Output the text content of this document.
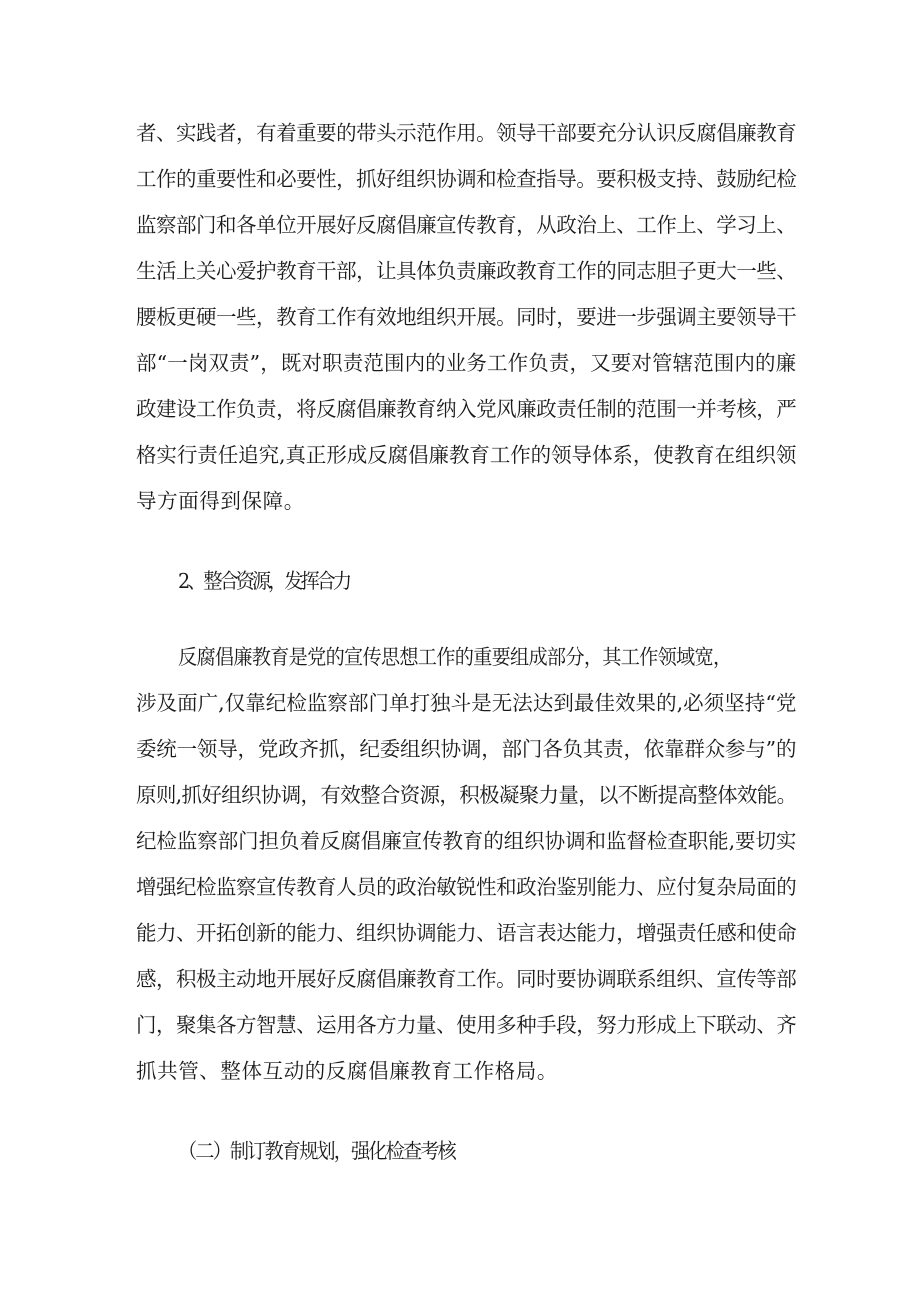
者、实践者，有着重要的带头示范作用。领导干部要充分认识反腐倡廉教育
工作的重要性和必要性，抓好组织协调和检查指导。要积极支持、鼓励纪检
监察部门和各单位开展好反腐倡廉宣传教育，从政治上、工作上、学习上、
生活上关心爱护教育干部，让具体负责廉政教育工作的同志胆子更大一些、
腰板更硬一些，教育工作有效地组织开展。同时，要进一步强调主要领导干
部“一岗双责”，既对职责范围内的业务工作负责，又要对管辖范围内的廉
政建设工作负责，将反腐倡廉教育纳入党风廉政责任制的范围一并考核，严
格实行责任追究,真正形成反腐倡廉教育工作的领导体系，使教育在组织领
导方面得到保障。
2、整合资源，发挥合力
反腐倡廉教育是党的宣传思想工作的重要组成部分，其工作领域宽，
涉及面广,仅靠纪检监察部门单打独斗是无法达到最佳效果的,必须坚持“党
委统一领导，党政齐抓，纪委组织协调，部门各负其责，依靠群众参与”的
原则,抓好组织协调，有效整合资源，积极凝聚力量，以不断提高整体效能。
纪检监察部门担负着反腐倡廉宣传教育的组织协调和监督检查职能,要切实
增强纪检监察宣传教育人员的政治敏锐性和政治鉴别能力、应付复杂局面的
能力、开拓创新的能力、组织协调能力、语言表达能力，增强责任感和使命
感，积极主动地开展好反腐倡廉教育工作。同时要协调联系组织、宣传等部
门，聚集各方智慧、运用各方力量、使用多种手段，努力形成上下联动、齐
抓共管、整体互动的反腐倡廉教育工作格局。
（二）制订教育规划，强化检查考核
